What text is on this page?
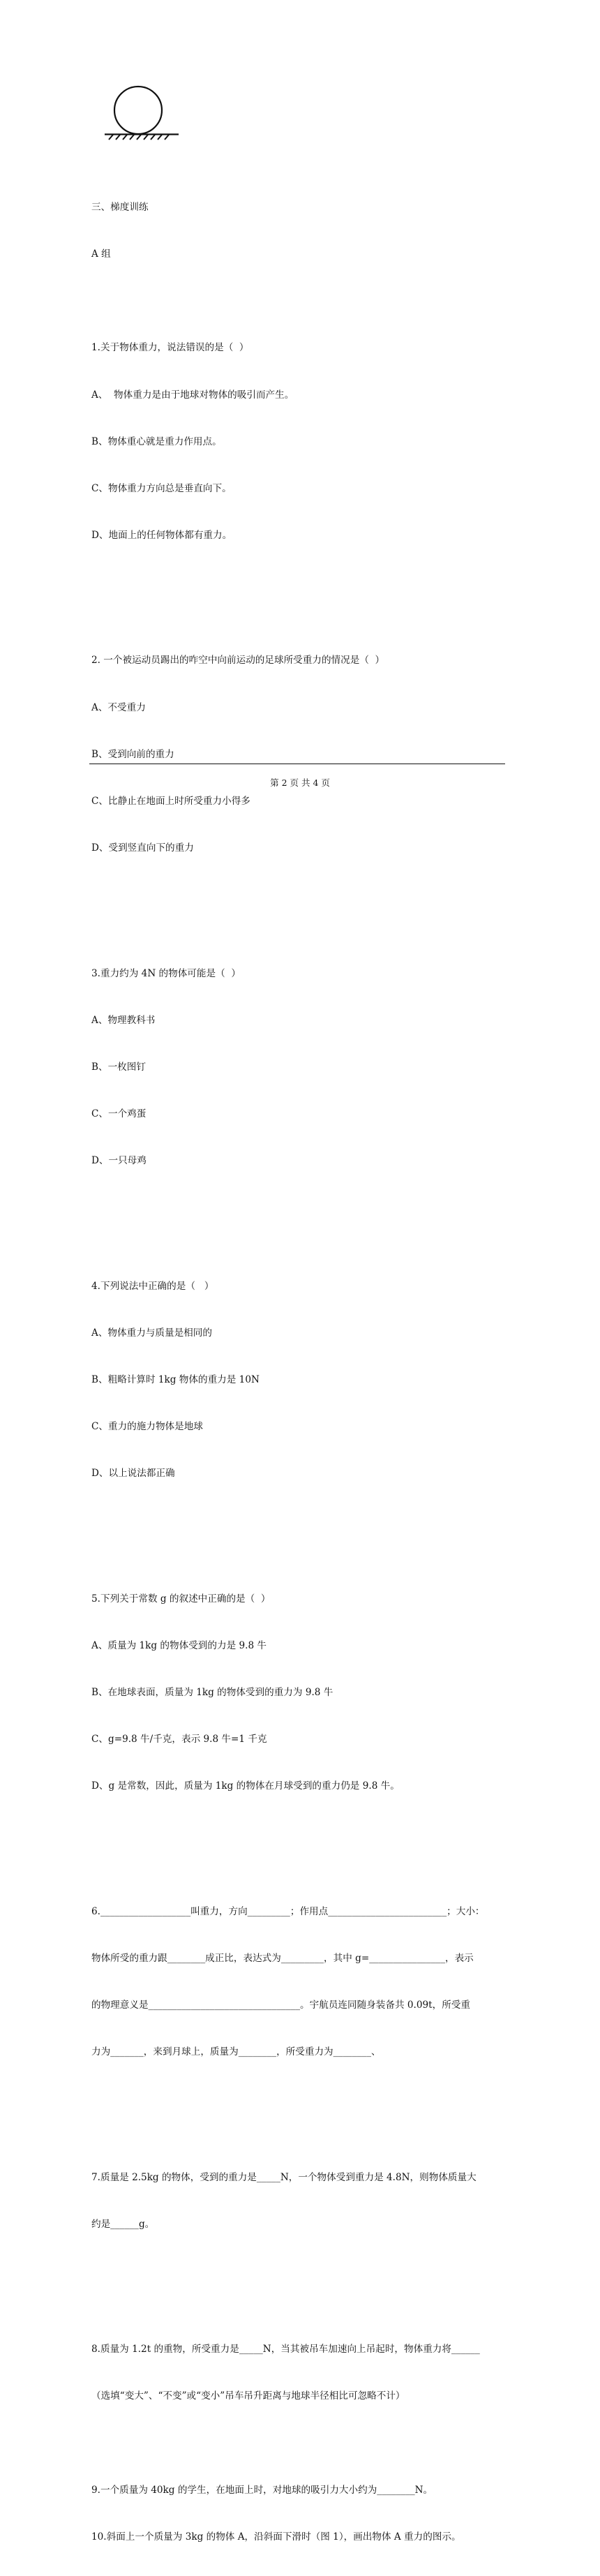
三、梯度训练

A 组

1.关于物体重力，说法错误的是（  ）

A、  物体重力是由于地球对物体的吸引而产生。

B、物体重心就是重力作用点。

C、物体重力方向总是垂直向下。

D、地面上的任何物体都有重力。

2. 一个被运动员踢出的咋空中向前运动的足球所受重力的情况是（  ）

A、不受重力

B、受到向前的重力

C、比静止在地面上时所受重力小得多

D、受到竖直向下的重力

3.重力约为 4N 的物体可能是（  ）

A、物理教科书

B、一枚图钉

C、一个鸡蛋

D、一只母鸡

4.下列说法中正确的是（   ）

A、物体重力与质量是相同的

B、粗略计算时 1kg 物体的重力是 10N

C、重力的施力物体是地球

D、以上说法都正确

5.下列关于常数 g 的叙述中正确的是（  ）

A、质量为 1kg 的物体受到的力是 9.8 牛

B、在地球表面，质量为 1kg 的物体受到的重力为 9.8 牛

C、g=9.8 牛/千克，表示 9.8 牛=1 千克

D、g 是常数，因此，质量为 1kg 的物体在月球受到的重力仍是 9.8 牛。

6.___________________叫重力，方向_________；作用点_________________________；大小：

物体所受的重力跟________成正比，表达式为_________，其中 g=________________，表示

的物理意义是________________________________。宇航员连同随身装备共 0.09t，所受重

力为_______，来到月球上，质量为________，所受重力为________、

7.质量是 2.5kg 的物体，受到的重力是_____N，一个物体受到重力是 4.8N，则物体质量大

约是______g。

8.质量为 1.2t 的重物，所受重力是_____N，当其被吊车加速向上吊起时，物体重力将______

（选填“变大”、“不变”或“变小”吊车吊升距离与地球半径相比可忽略不计）

9.一个质量为 40kg 的学生，在地面上时，对地球的吸引力大小约为________N。

10.斜面上一个质量为 3kg 的物体 A，沿斜面下滑时（图 1），画出物体 A 重力的图示。

第 2 页 共 4 页
